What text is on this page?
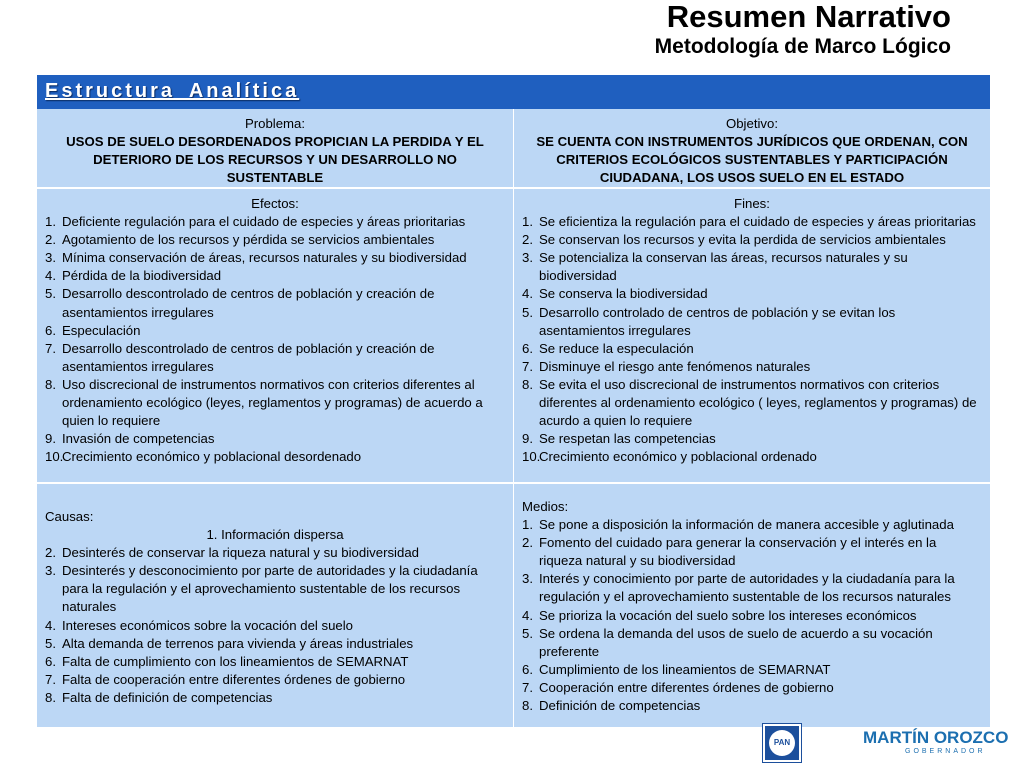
Resumen Narrativo
Metodología de Marco Lógico
Estructura Analítica
Problema:
USOS DE SUELO DESORDENADOS PROPICIAN LA PERDIDA Y EL DETERIORO DE LOS RECURSOS Y UN DESARROLLO NO SUSTENTABLE
Objetivo:
SE CUENTA CON INSTRUMENTOS JURÍDICOS QUE ORDENAN, CON CRITERIOS ECOLÓGICOS SUSTENTABLES Y PARTICIPACIÓN CIUDADANA, LOS USOS SUELO EN EL ESTADO
Efectos:
1. Deficiente regulación para el cuidado de especies y áreas prioritarias
2. Agotamiento de los recursos y pérdida se servicios ambientales
3. Mínima conservación de áreas, recursos naturales y su biodiversidad
4. Pérdida de la biodiversidad
5. Desarrollo descontrolado de centros de población y creación de asentamientos irregulares
6. Especulación
7. Desarrollo descontrolado de centros de población y creación de asentamientos irregulares
8. Uso discrecional de instrumentos normativos con criterios diferentes al ordenamiento ecológico (leyes, reglamentos y programas) de acuerdo a quien lo requiere
9. Invasión de competencias
10.
Crecimiento económico y poblacional desordenado
Fines:
1. Se eficientiza la regulación para el cuidado de especies y áreas prioritarias
2. Se conservan los recursos y evita la perdida de servicios ambientales
3. Se potencializa la conservan las áreas, recursos naturales y su biodiversidad
4. Se conserva la biodiversidad
5. Desarrollo controlado de centros de población y se evitan los asentamientos irregulares
6. Se reduce la especulación
7. Disminuye el riesgo ante fenómenos naturales
8. Se evita el uso discrecional de instrumentos normativos con criterios diferentes al ordenamiento ecológico ( leyes, reglamentos y programas) de acurdo a quien lo requiere
9. Se respetan las competencias
10.
Crecimiento económico y poblacional ordenado
Causas:
1. Información dispersa
2. Desinterés de conservar la riqueza natural y su biodiversidad
3. Desinterés y desconocimiento por parte de autoridades y la ciudadanía para la regulación y el aprovechamiento sustentable de los recursos naturales
4. Intereses económicos sobre la vocación del suelo
5. Alta demanda de terrenos para vivienda y áreas industriales
6. Falta de cumplimiento con los lineamientos de SEMARNAT
7. Falta de cooperación entre diferentes órdenes de gobierno
8. Falta de definición de competencias
Medios:
1. Se pone a disposición la información de manera accesible y aglutinada
2. Fomento del cuidado para generar la conservación y el interés en la riqueza natural y su biodiversidad
3. Interés y conocimiento por parte de autoridades y la ciudadanía para la regulación y el aprovechamiento sustentable de los recursos naturales
4. Se prioriza la vocación del suelo sobre los intereses económicos
5. Se ordena la demanda del usos de suelo de acuerdo a su vocación preferente
6. Cumplimiento de los lineamientos de SEMARNAT
7. Cooperación entre diferentes órdenes de gobierno
8. Definición de competencias
PAN	MARTÍN OROZCO
GOBERNADOR
